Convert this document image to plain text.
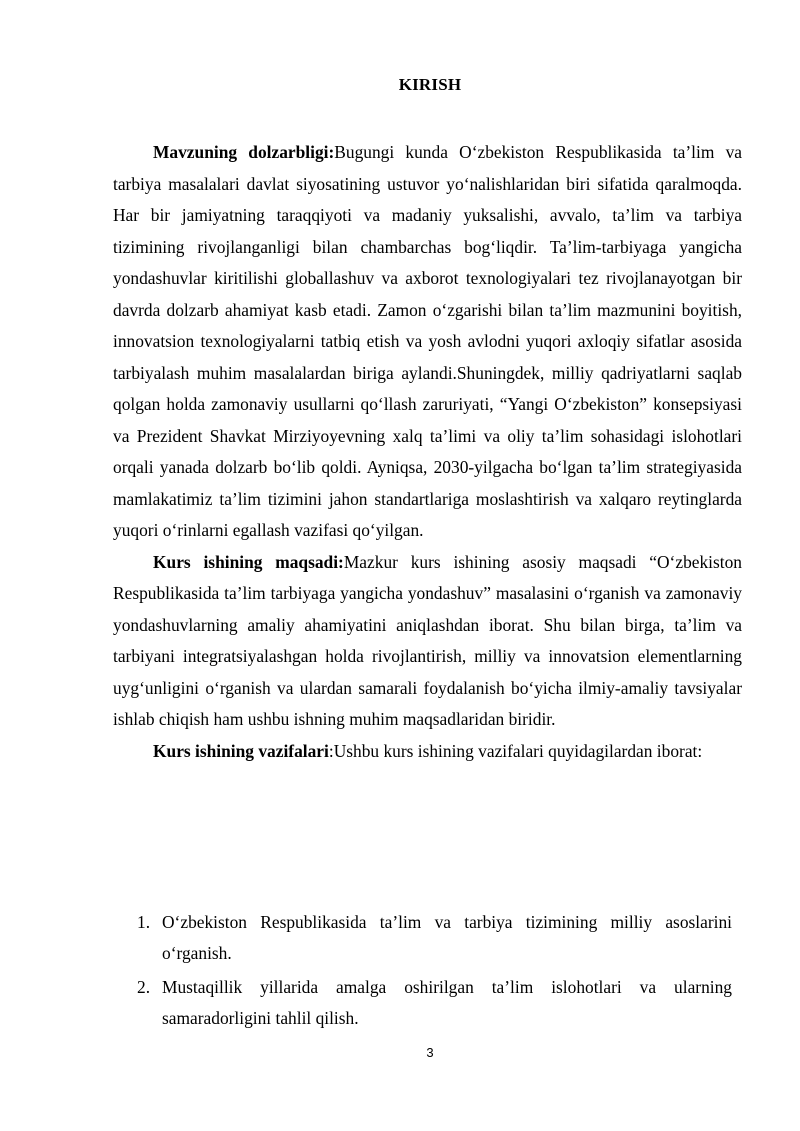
KIRISH

Mavzuning dolzarbligi:Bugungi kunda O‘zbekiston Respublikasida ta’lim va tarbiya masalalari davlat siyosatining ustuvor yo‘nalishlaridan biri sifatida qaralmoqda. Har bir jamiyatning taraqqiyoti va madaniy yuksalishi, avvalo, ta’lim va tarbiya tizimining rivojlanganligi bilan chambarchas bog‘liqdir. Ta’lim-tarbiyaga yangicha yondashuvlar kiritilishi globallashuv va axborot texnologiyalari tez rivojlanayotgan bir davrda dolzarb ahamiyat kasb etadi. Zamon o‘zgarishi bilan ta’lim mazmunini boyitish, innovatsion texnologiyalarni tatbiq etish va yosh avlodni yuqori axloqiy sifatlar asosida tarbiyalash muhim masalalardan biriga aylandi.Shuningdek, milliy qadriyatlarni saqlab qolgan holda zamonaviy usullarni qo‘llash zaruriyati, “Yangi O‘zbekiston” konsepsiyasi va Prezident Shavkat Mirziyoyevning xalq ta’limi va oliy ta’lim sohasidagi islohotlari orqali yanada dolzarb bo‘lib qoldi. Ayniqsa, 2030-yilgacha bo‘lgan ta’lim strategiyasida mamlakatimiz ta’lim tizimini jahon standartlariga moslashtirish va xalqaro reytinglarda yuqori o‘rinlarni egallash vazifasi qo‘yilgan.

Kurs ishining maqsadi:Mazkur kurs ishining asosiy maqsadi “O‘zbekiston Respublikasida ta’lim tarbiyaga yangicha yondashuv” masalasini o‘rganish va zamonaviy yondashuvlarning amaliy ahamiyatini aniqlashdan iborat. Shu bilan birga, ta’lim va tarbiyani integratsiyalashgan holda rivojlantirish, milliy va innovatsion elementlarning uyg‘unligini o‘rganish va ulardan samarali foydalanish bo‘yicha ilmiy-amaliy tavsiyalar ishlab chiqish ham ushbu ishning muhim maqsadlaridan biridir.

Kurs ishining vazifalari:Ushbu kurs ishining vazifalari quyidagilardan iborat:

1. O‘zbekiston Respublikasida ta’lim va tarbiya tizimining milliy asoslarini o‘rganish.
2. Mustaqillik yillarida amalga oshirilgan ta’lim islohotlari va ularning samaradorligini tahlil qilish.
3
